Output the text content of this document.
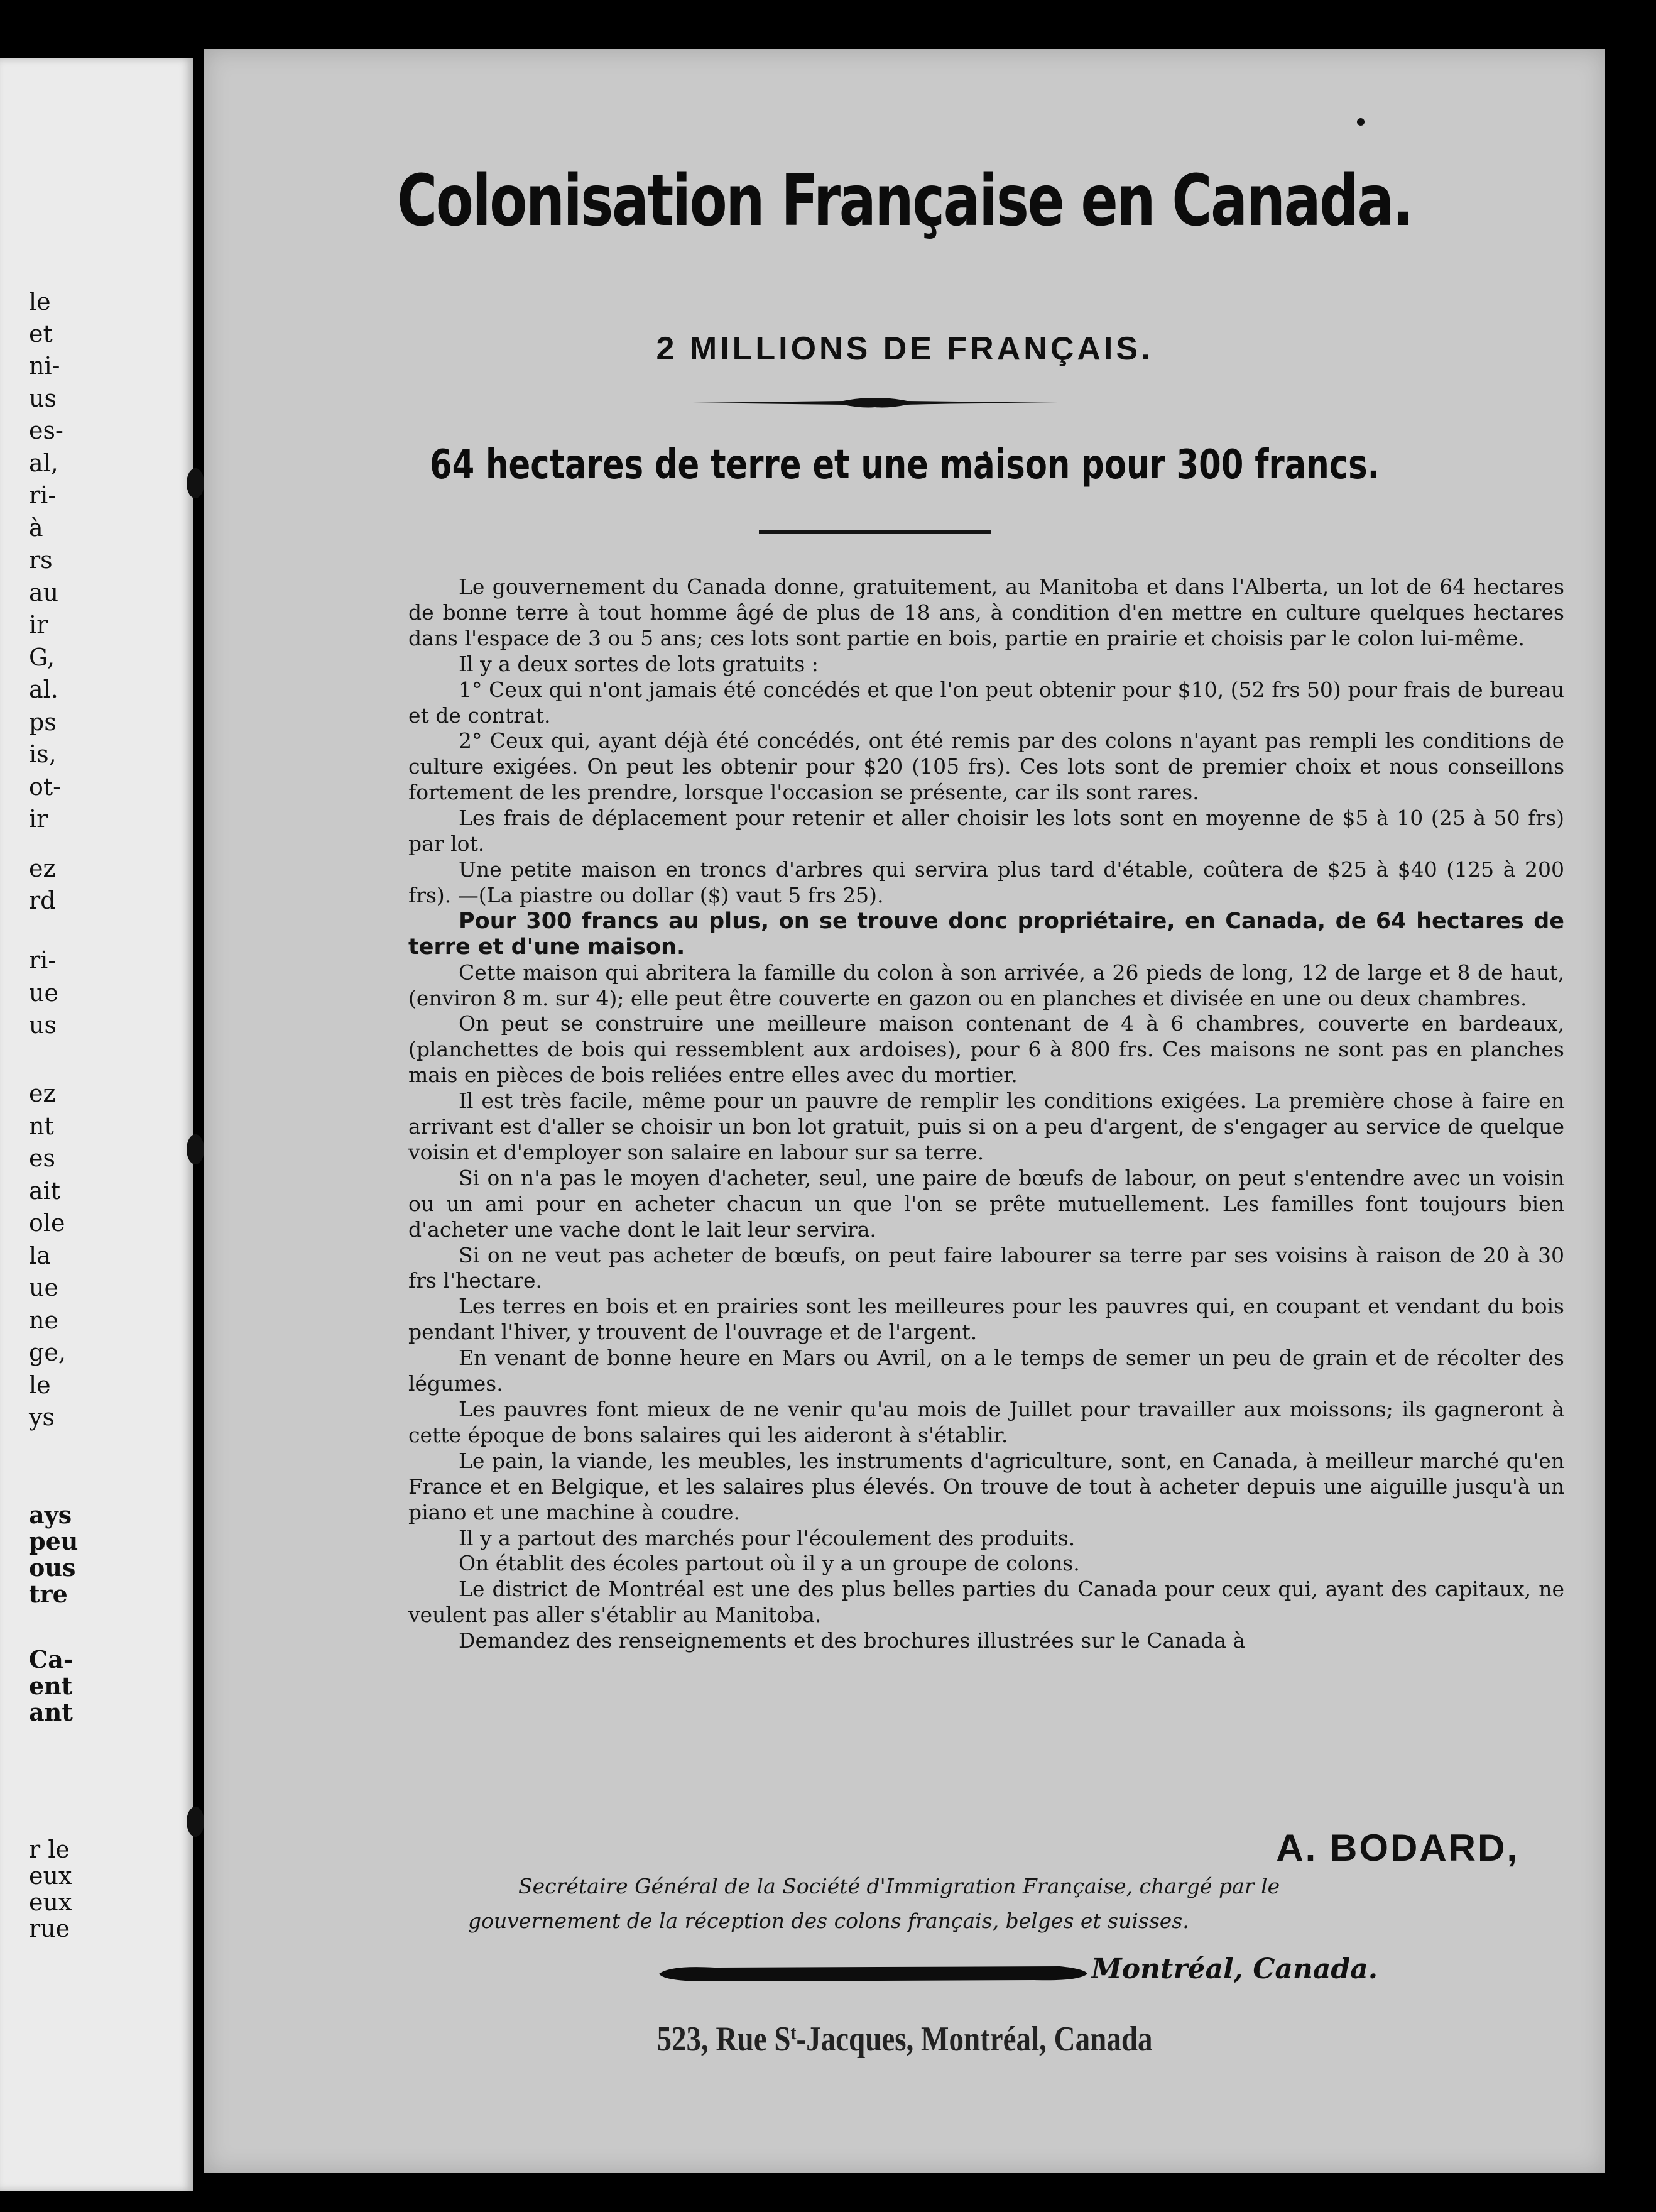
le
et
ni-
us
es-
al,
ri-
à
rs
au
ir
G,
al.
ps
is,
ot-
ir
ez
rd
ri-
ue
us
ez
nt
es
ait
ole
la
ue
ne
ge,
le
ys
ays
peu
ous
tre
Ca-
ent
ant
r le
eux
eux
rue
Colonisation Française en Canada.
2 MILLIONS DE FRANÇAIS.
64 hectares de terre et une maison pour 300 francs.

Le gouvernement du Canada donne, gratuitement, au Manitoba et dans l'Alberta, un lot de 64 hectares de bonne terre à tout homme âgé de plus de 18 ans, à condition d'en mettre en culture quelques hectares dans l'espace de 3 ou 5 ans; ces lots sont partie en bois, partie en prairie et choisis par le colon lui-même.

Il y a deux sortes de lots gratuits :

1° Ceux qui n'ont jamais été concédés et que l'on peut obtenir pour $10, (52 frs 50) pour frais de bureau et de contrat.

2° Ceux qui, ayant déjà été concédés, ont été remis par des colons n'ayant pas rempli les conditions de culture exigées. On peut les obtenir pour $20 (105 frs). Ces lots sont de premier choix et nous conseillons fortement de les prendre, lorsque l'occasion se présente, car ils sont rares.

Les frais de déplacement pour retenir et aller choisir les lots sont en moyenne de $5 à 10 (25 à 50 frs) par lot.

Une petite maison en troncs d'arbres qui servira plus tard d'étable, coûtera de $25 à $40 (125 à 200 frs). —(La piastre ou dollar ($) vaut 5 frs 25).

Pour 300 francs au plus, on se trouve donc propriétaire, en Canada, de 64 hectares de terre et d'une maison.

Cette maison qui abritera la famille du colon à son arrivée, a 26 pieds de long, 12 de large et 8 de haut, (environ 8 m. sur 4); elle peut être couverte en gazon ou en planches et divisée en une ou deux chambres.

On peut se construire une meilleure maison contenant de 4 à 6 chambres, couverte en bardeaux, (planchettes de bois qui ressemblent aux ardoises), pour 6 à 800 frs. Ces maisons ne sont pas en planches mais en pièces de bois reliées entre elles avec du mortier.

Il est très facile, même pour un pauvre de remplir les conditions exigées. La première chose à faire en arrivant est d'aller se choisir un bon lot gratuit, puis si on a peu d'argent, de s'engager au service de quelque voisin et d'employer son salaire en labour sur sa terre.

Si on n'a pas le moyen d'acheter, seul, une paire de bœufs de labour, on peut s'entendre avec un voisin ou un ami pour en acheter chacun un que l'on se prête mutuellement. Les familles font toujours bien d'acheter une vache dont le lait leur servira.

Si on ne veut pas acheter de bœufs, on peut faire labourer sa terre par ses voisins à raison de 20 à 30 frs l'hectare.

Les terres en bois et en prairies sont les meilleures pour les pauvres qui, en coupant et vendant du bois pendant l'hiver, y trouvent de l'ouvrage et de l'argent.

En venant de bonne heure en Mars ou Avril, on a le temps de semer un peu de grain et de récolter des légumes.

Les pauvres font mieux de ne venir qu'au mois de Juillet pour travailler aux moissons; ils gagneront à cette époque de bons salaires qui les aideront à s'établir.

Le pain, la viande, les meubles, les instruments d'agriculture, sont, en Canada, à meilleur marché qu'en France et en Belgique, et les salaires plus élevés. On trouve de tout à acheter depuis une aiguille jusqu'à un piano et une machine à coudre.

Il y a partout des marchés pour l'écoulement des produits.

On établit des écoles partout où il y a un groupe de colons.

Le district de Montréal est une des plus belles parties du Canada pour ceux qui, ayant des capitaux, ne veulent pas aller s'établir au Manitoba.

Demandez des renseignements et des brochures illustrées sur le Canada à

A. BODARD,
Secrétaire Général de la Société d'Immigration Française, chargé par le
gouvernement de la réception des colons français, belges et suisses.
Montréal, Canada.
523, Rue $S^t$-Jacques, Montréal, Canada
